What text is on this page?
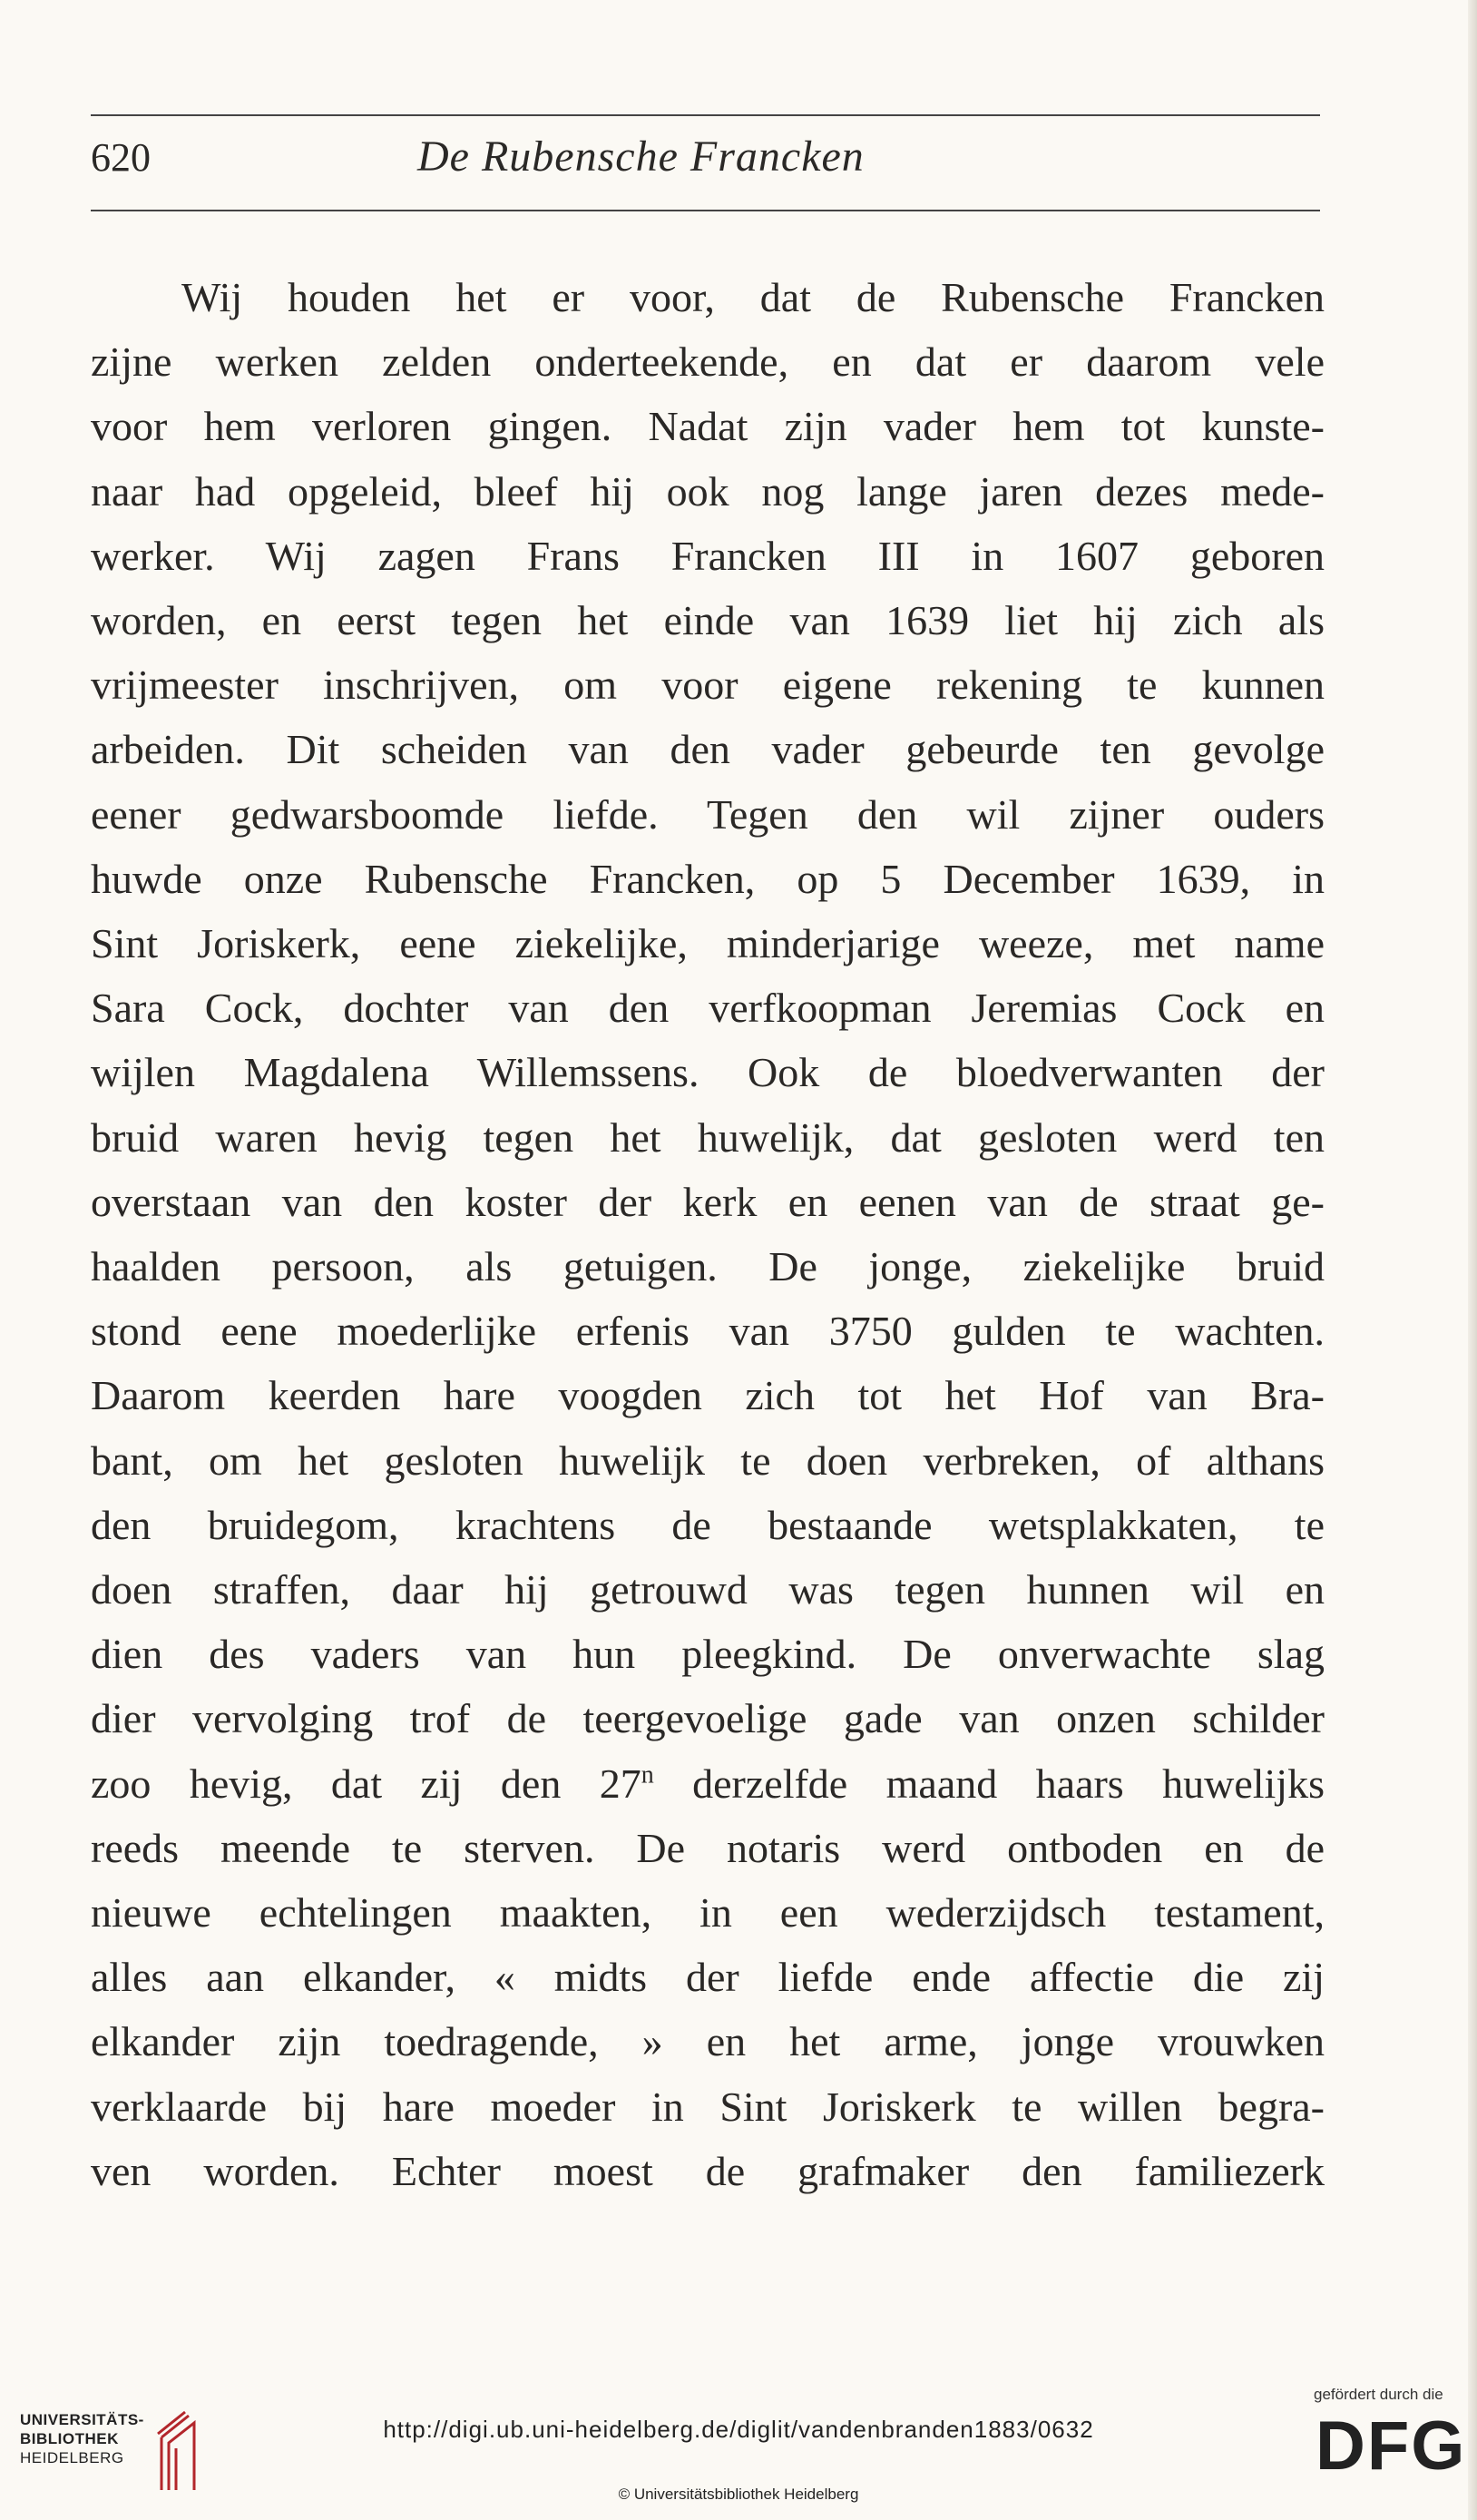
620	De Rubensche Francken
Wij houden het er voor, dat de Rubensche Francken
zijne werken zelden onderteekende, en dat er daarom vele
voor hem verloren gingen. Nadat zijn vader hem tot kunste-
naar had opgeleid, bleef hij ook nog lange jaren dezes mede-
werker. Wij zagen Frans Francken III in 1607 geboren
worden, en eerst tegen het einde van 1639 liet hij zich als
vrijmeester inschrijven, om voor eigene rekening te kunnen
arbeiden. Dit scheiden van den vader gebeurde ten gevolge
eener gedwarsboomde liefde. Tegen den wil zijner ouders
huwde onze Rubensche Francken, op 5 December 1639, in
Sint Joriskerk, eene ziekelijke, minderjarige weeze, met name
Sara Cock, dochter van den verfkoopman Jeremias Cock en
wijlen Magdalena Willemssens. Ook de bloedverwanten der
bruid waren hevig tegen het huwelijk, dat gesloten werd ten
overstaan van den koster der kerk en eenen van de straat ge-
haalden persoon, als getuigen. De jonge, ziekelijke bruid
stond eene moederlijke erfenis van 3750 gulden te wachten.
Daarom keerden hare voogden zich tot het Hof van Bra-
bant, om het gesloten huwelijk te doen verbreken, of althans
den bruidegom, krachtens de bestaande wetsplakkaten, te
doen straffen, daar hij getrouwd was tegen hunnen wil en
dien des vaders van hun pleegkind. De onverwachte slag
dier vervolging trof de teergevoelige gade van onzen schilder
zoo hevig, dat zij den 27$^n$ derzelfde maand haars huwelijks
reeds meende te sterven. De notaris werd ontboden en de
nieuwe echtelingen maakten, in een wederzijdsch testament,
alles aan elkander, « midts der liefde ende affectie die zij
elkander zijn toedragende, » en het arme, jonge vrouwken
verklaarde bij hare moeder in Sint Joriskerk te willen begra-
ven worden. Echter moest de grafmaker den familiezerk
UNIVERSITÄTS-
BIBLIOTHEK
HEIDELBERG
http://digi.ub.uni-heidelberg.de/diglit/vandenbranden1883/0632
© Universitätsbibliothek Heidelberg
gefördert durch die
DFG
